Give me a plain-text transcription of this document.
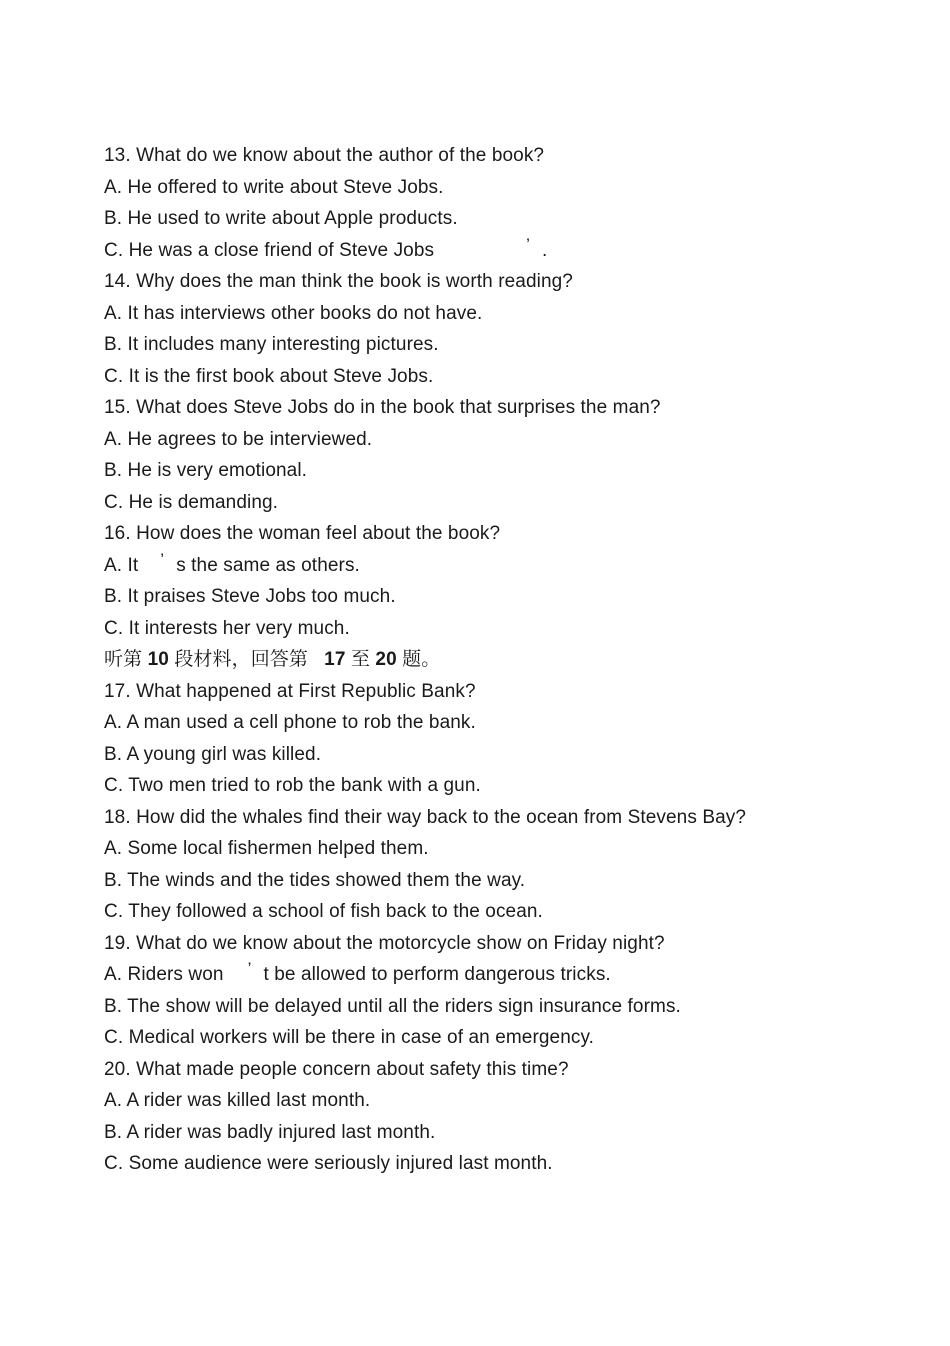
13. What do we know about the author of the book?
A. He offered to write about Steve Jobs.
B. He used to write about Apple products.
C. He was a close friend of Steve Jobs	’ .
14. Why does the man think the book is worth reading?
A. It has interviews other books do not have.
B. It includes many interesting pictures.
C. It is the first book about Steve Jobs.
15. What does Steve Jobs do in the book that surprises the man?
A. He agrees to be interviewed.
B. He is very emotional.
C. He is demanding.
16. How does the woman feel about the book?
A. It ’ s the same as others.
B. It praises Steve Jobs too much.
C. It interests her very much.
听第 10 段材料，回答第 17 至 20 题。
17. What happened at First Republic Bank?
A. A man used a cell phone to rob the bank.
B. A young girl was killed.
C. Two men tried to rob the bank with a gun.
18. How did the whales find their way back to the ocean from Stevens Bay?
A. Some local fishermen helped them.
B. The winds and the tides showed them the way.
C. They followed a school of fish back to the ocean.
19. What do we know about the motorcycle show on Friday night?
A. Riders won ’ t be allowed to perform dangerous tricks.
B. The show will be delayed until all the riders sign insurance forms.
C. Medical workers will be there in case of an emergency.
20. What made people concern about safety this time?
A. A rider was killed last month.
B. A rider was badly injured last month.
C. Some audience were seriously injured last month.
